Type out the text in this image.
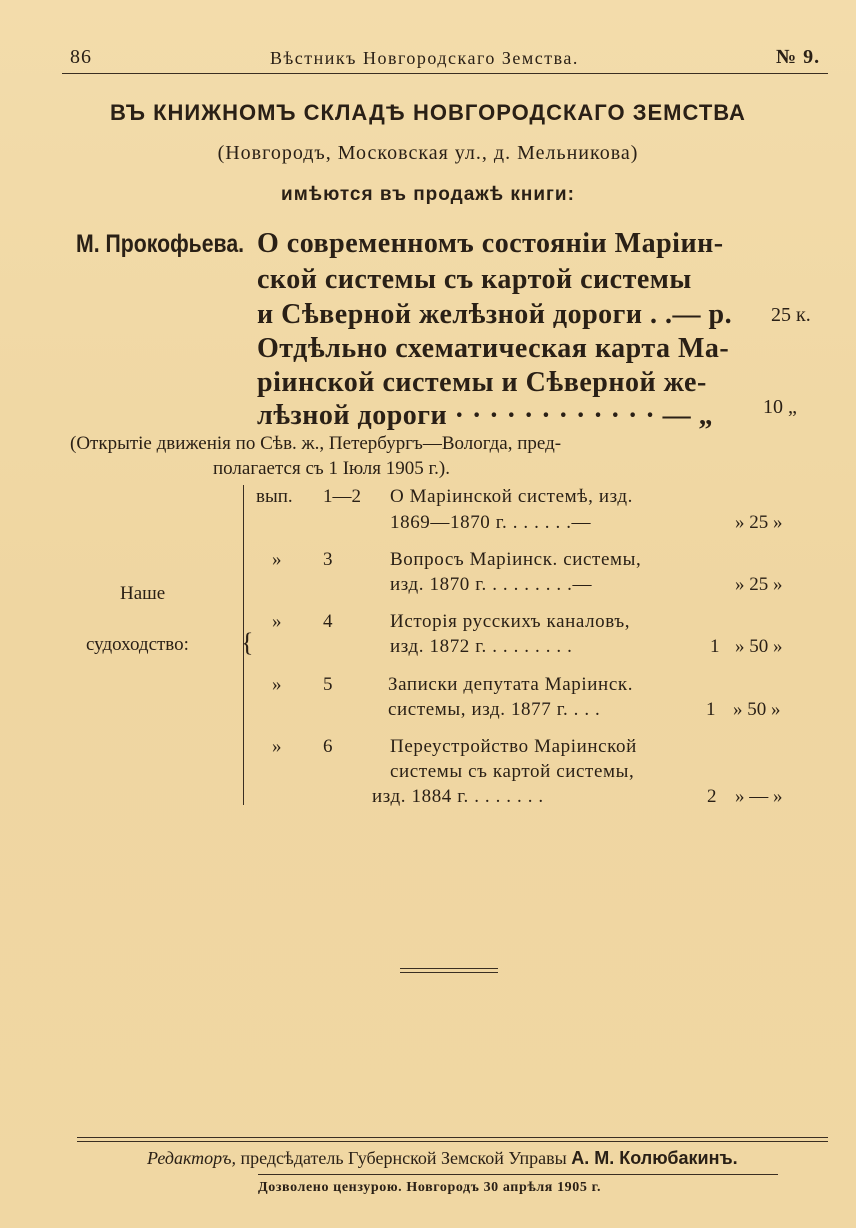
86	Вѣстникъ Новгородскаго Земства.	№ 9.
ВЪ КНИЖНОМЪ СКЛАДѢ НОВГОРОДСКАГО ЗЕМСТВА
(Новгородъ, Московская ул., д. Мельникова)
имѣются въ продажѣ книги:
М. Прокофьева. О современномъ состояніи Маріин-
ской системы съ картой системы
и Сѣверной желѣзной дороги . .— р. 25 к.
Отдѣльно схематическая карта Ма-
ріинской системы и Сѣверной же-
лѣзной дороги · · · · · · · · · · · · — „ 10 „
(Открытіе движенія по Сѣв. ж., Петербургъ—Вологда, пред-
полагается съ 1 Іюля 1905 г.).
Наше
судоходство: {
вып. 1—2 О Маріинской системѣ, изд.
1869—1870 г. . . . . . .—	» 25 »
» 3	Вопросъ Маріинск. системы,
изд. 1870 г. . . . . . . . .—	» 25 »
» 4	Исторія русскихъ каналовъ,
изд. 1872 г. . . . . . . . .	1 » 50 »
» 5	Записки депутата Маріинск.
системы, изд. 1877 г. . . .	1 » 50 »
» 6	Переустройство Маріинской
системы съ картой системы,
изд. 1884 г. . . . . . . .	2 » — »
Редакторъ, предсѣдатель Губернской Земской Управы А. М. Колюбакинъ.
Дозволено цензурою. Новгородъ 30 апрѣля 1905 г.
